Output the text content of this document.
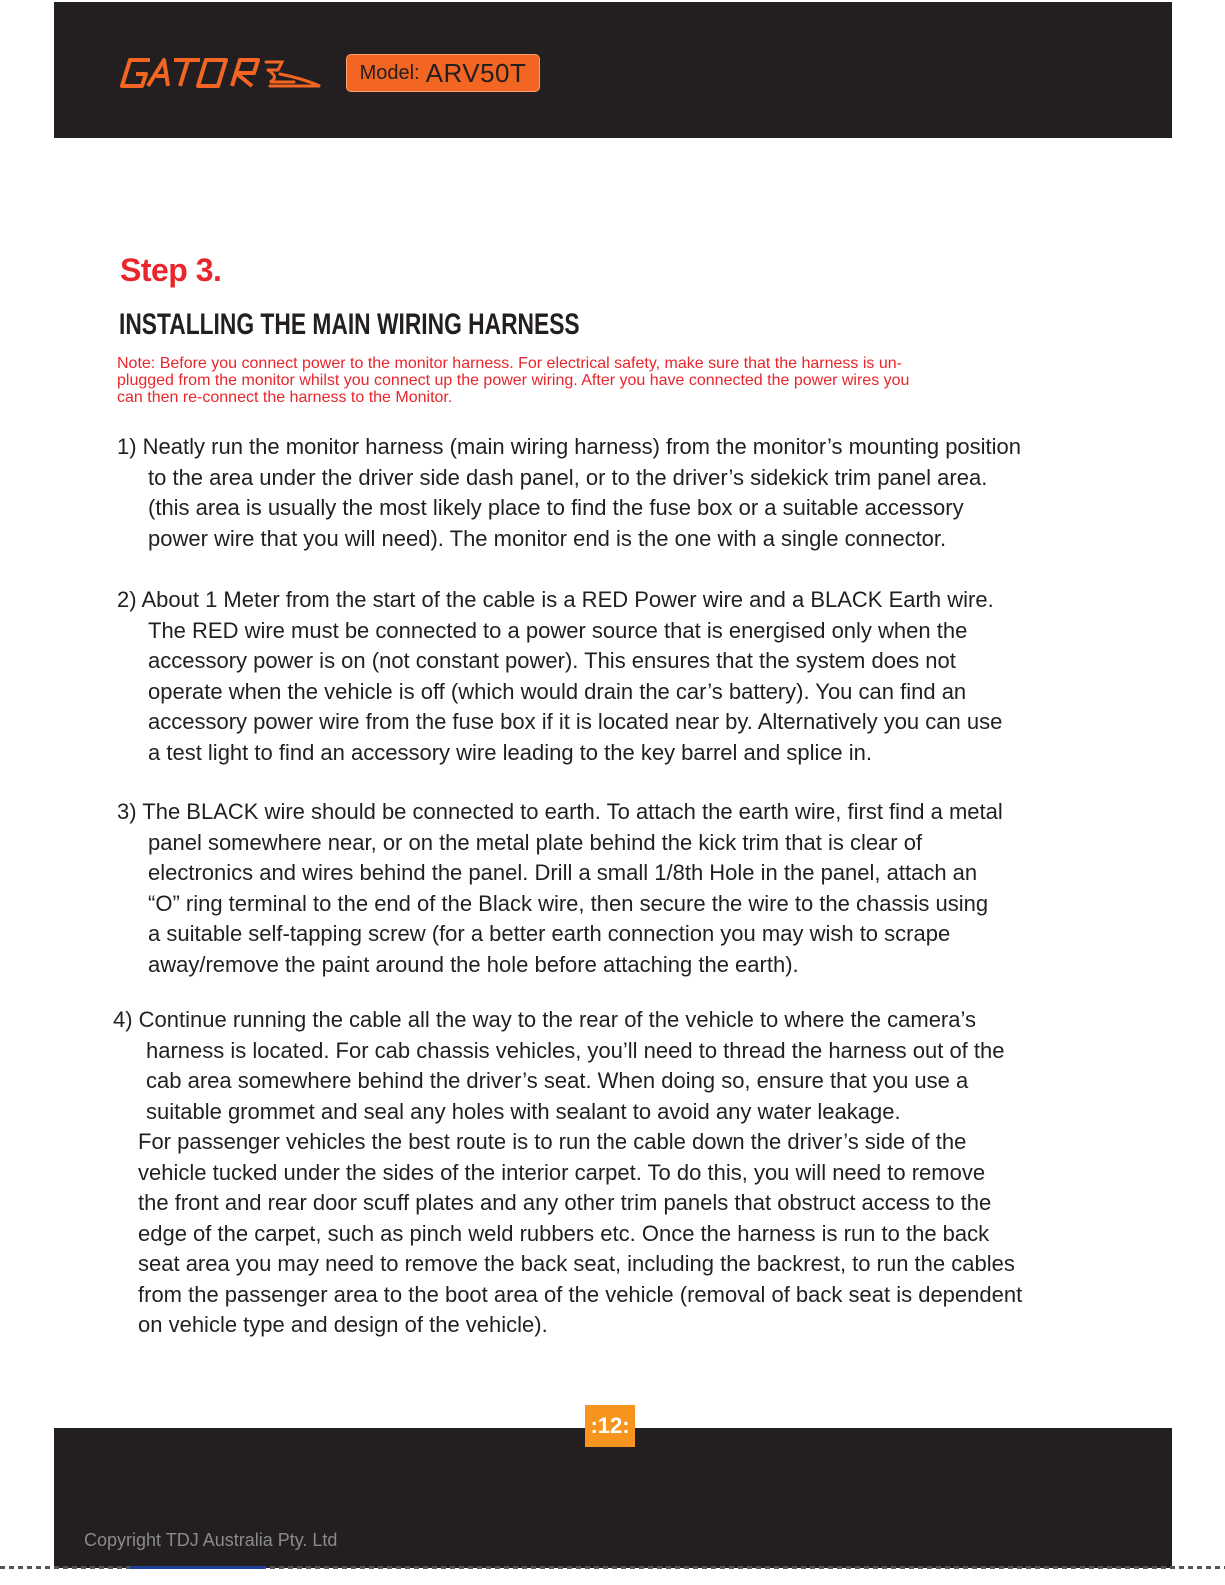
GATOR
Model: ARV50T
Step 3.
INSTALLING THE MAIN WIRING HARNESS

Note: Before you connect power to the monitor harness. For electrical safety, make sure that the harness is un-
plugged from the monitor whilst you connect up the power wiring. After you have connected the power wires you
can then re-connect the harness to the Monitor.

1) Neatly run the monitor harness (main wiring harness) from the monitor’s mounting position
to the area under the driver side dash panel, or to the driver’s sidekick trim panel area.
(this area is usually the most likely place to find the fuse box or a suitable accessory
power wire that you will need). The monitor end is the one with a single connector.
2) About 1 Meter from the start of the cable is a RED Power wire and a BLACK Earth wire.
The RED wire must be connected to a power source that is energised only when the
accessory power is on (not constant power). This ensures that the system does not
operate when the vehicle is off (which would drain the car’s battery). You can find an
accessory power wire from the fuse box if it is located near by. Alternatively you can use
a test light to find an accessory wire leading to the key barrel and splice in.
3) The BLACK wire should be connected to earth. To attach the earth wire, first find a metal
panel somewhere near, or on the metal plate behind the kick trim that is clear of
electronics and wires behind the panel. Drill a small 1/8th Hole in the panel, attach an
“O” ring terminal to the end of the Black wire, then secure the wire to the chassis using
a suitable self-tapping screw (for a better earth connection you may wish to scrape
away/remove the paint around the hole before attaching the earth).
4) Continue running the cable all the way to the rear of the vehicle to where the camera’s
harness is located. For cab chassis vehicles, you’ll need to thread the harness out of the
cab area somewhere behind the driver’s seat. When doing so, ensure that you use a
suitable grommet and seal any holes with sealant to avoid any water leakage.
For passenger vehicles the best route is to run the cable down the driver’s side of the
vehicle tucked under the sides of the interior carpet. To do this, you will need to remove
the front and rear door scuff plates and any other trim panels that obstruct access to the
edge of the carpet, such as pinch weld rubbers etc. Once the harness is run to the back
seat area you may need to remove the back seat, including the backrest, to run the cables
from the passenger area to the boot area of the vehicle (removal of back seat is dependent
on vehicle type and design of the vehicle).
:12:

Copyright TDJ Australia Pty. Ltd
